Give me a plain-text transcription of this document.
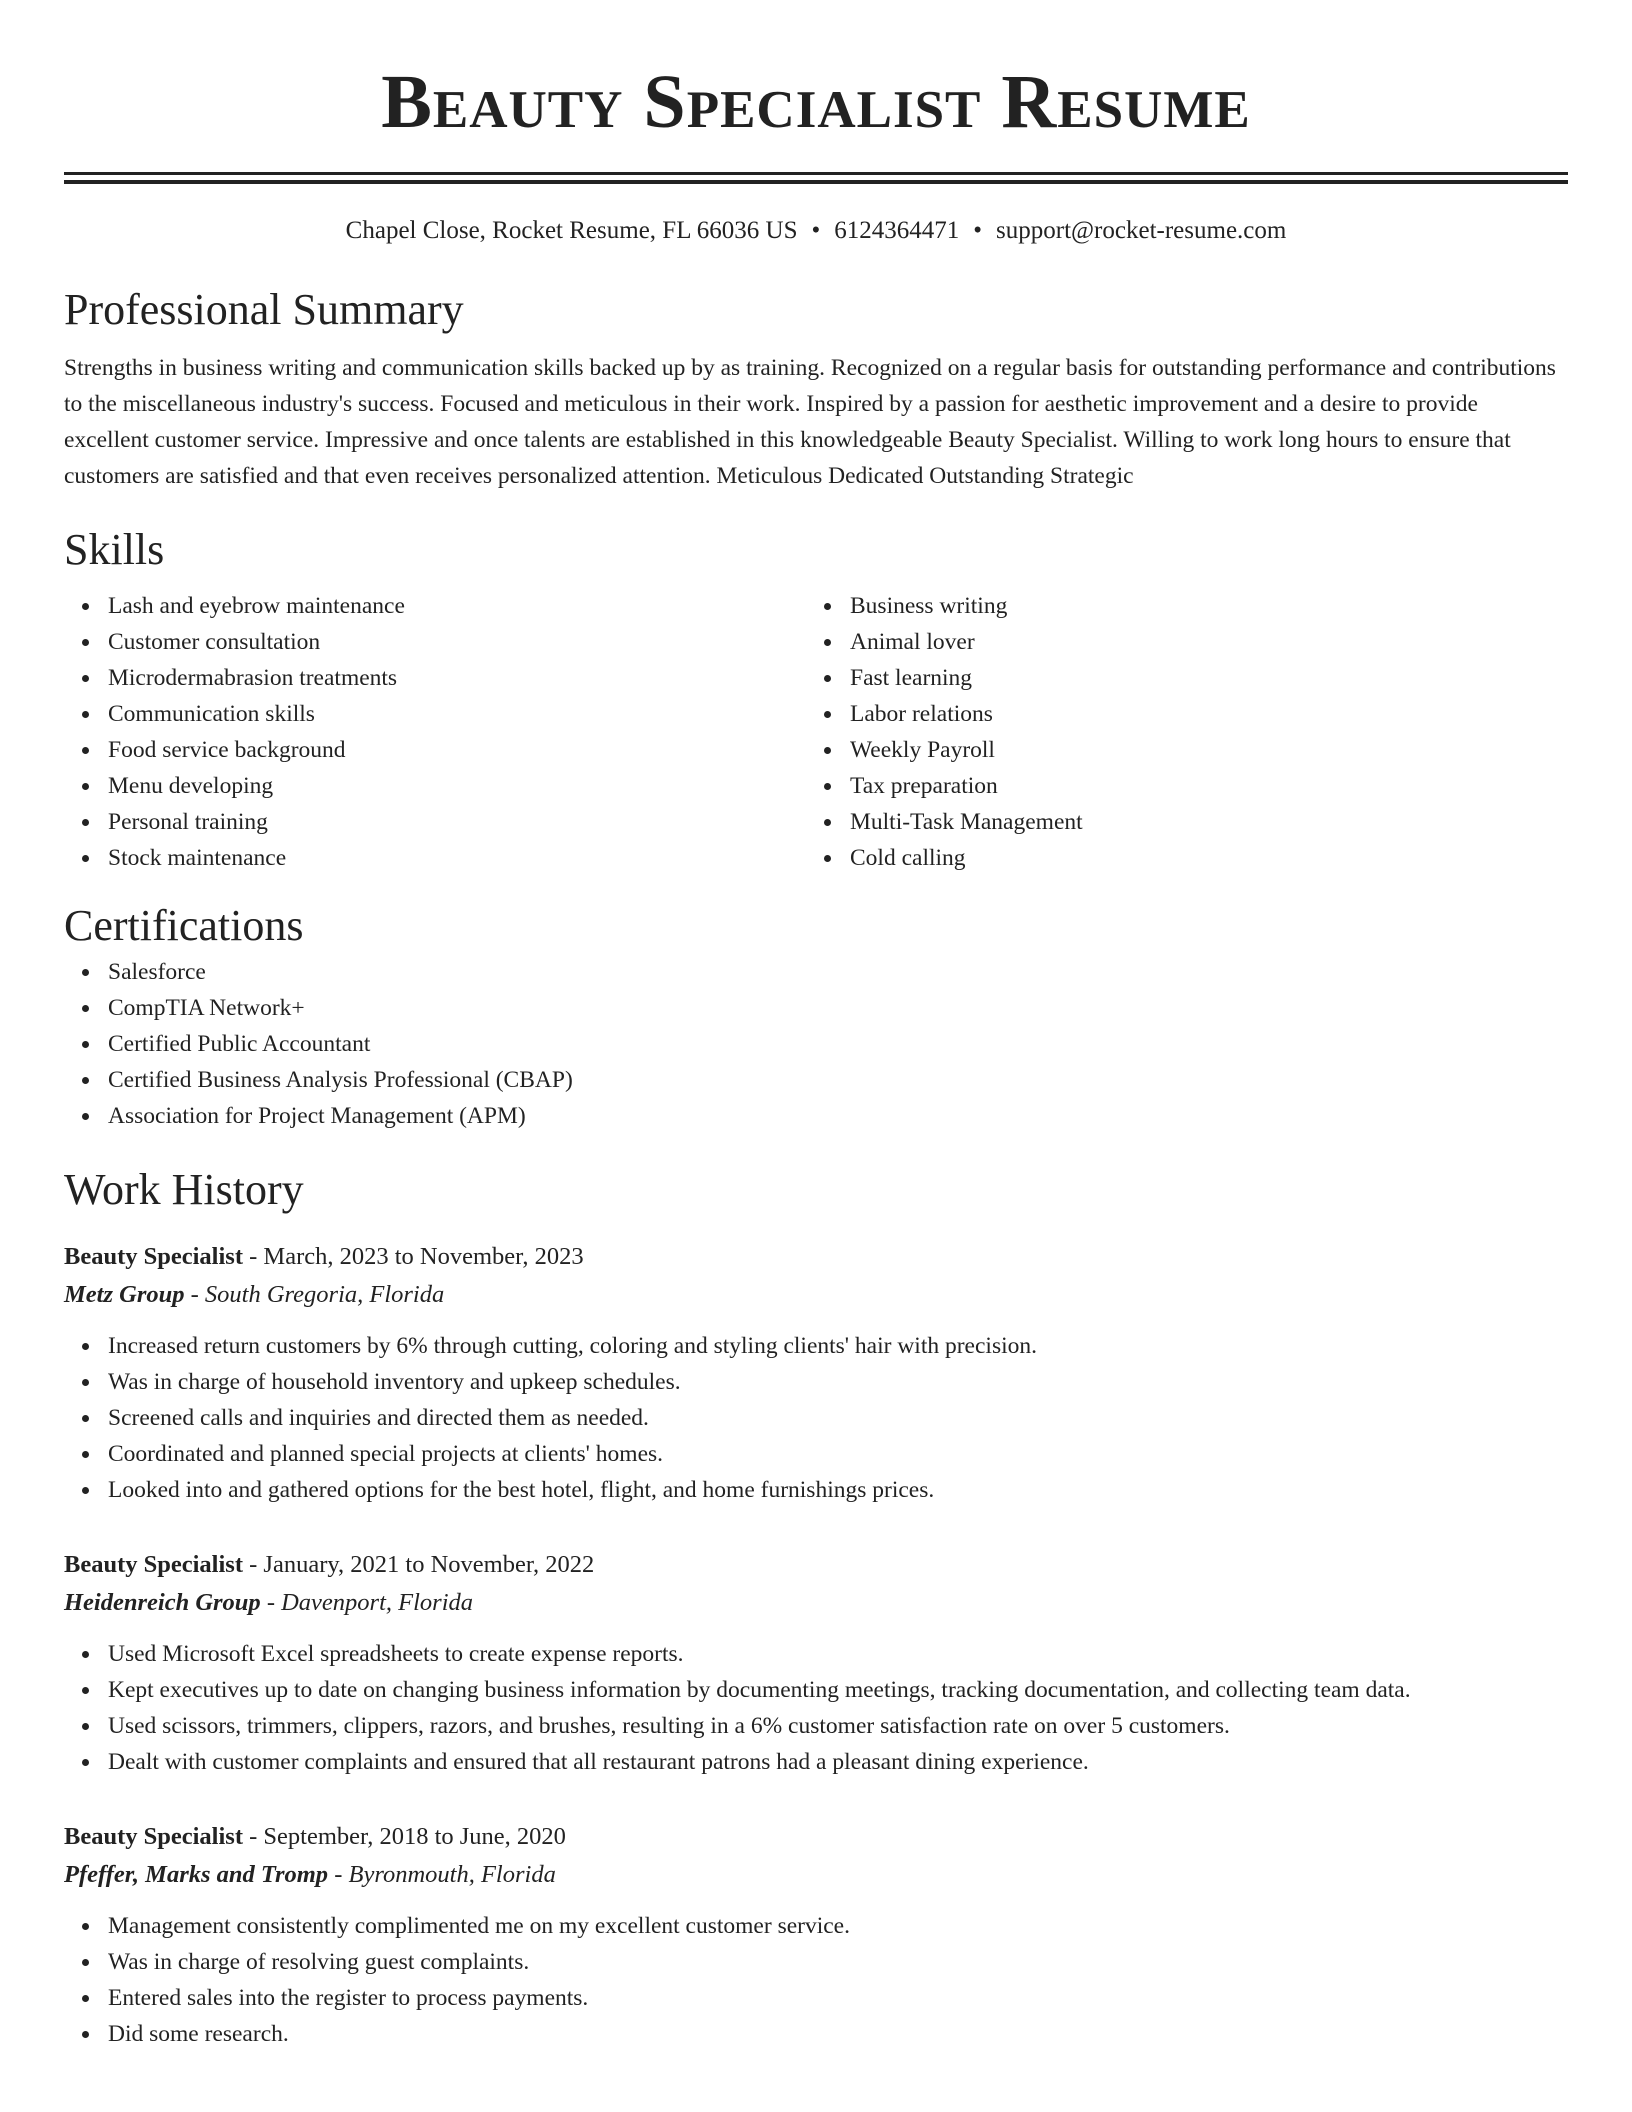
Beauty Specialist Resume
Chapel Close, Rocket Resume, FL 66036 US • 6124364471 • support@rocket-resume.com
Professional Summary

Strengths in business writing and communication skills backed up by as training. Recognized on a regular basis for outstanding performance and contributions to the miscellaneous industry's success. Focused and meticulous in their work. Inspired by a passion for aesthetic improvement and a desire to provide excellent customer service. Impressive and once talents are established in this knowledgeable Beauty Specialist. Willing to work long hours to ensure that customers are satisfied and that even receives personalized attention. Meticulous Dedicated Outstanding Strategic

Skills
Lash and eyebrow maintenance
Customer consultation
Microdermabrasion treatments
Communication skills
Food service background
Menu developing
Personal training
Stock maintenance
Business writing
Animal lover
Fast learning
Labor relations
Weekly Payroll
Tax preparation
Multi-Task Management
Cold calling
Certifications
Salesforce
CompTIA Network+
Certified Public Accountant
Certified Business Analysis Professional (CBAP)
Association for Project Management (APM)
Work History
Beauty Specialist - March, 2023 to November, 2023
Metz Group - South Gregoria, Florida
Increased return customers by 6% through cutting, coloring and styling clients' hair with precision.
Was in charge of household inventory and upkeep schedules.
Screened calls and inquiries and directed them as needed.
Coordinated and planned special projects at clients' homes.
Looked into and gathered options for the best hotel, flight, and home furnishings prices.
Beauty Specialist - January, 2021 to November, 2022
Heidenreich Group - Davenport, Florida
Used Microsoft Excel spreadsheets to create expense reports.
Kept executives up to date on changing business information by documenting meetings, tracking documentation, and collecting team data.
Used scissors, trimmers, clippers, razors, and brushes, resulting in a 6% customer satisfaction rate on over 5 customers.
Dealt with customer complaints and ensured that all restaurant patrons had a pleasant dining experience.
Beauty Specialist - September, 2018 to June, 2020
Pfeffer, Marks and Tromp - Byronmouth, Florida
Management consistently complimented me on my excellent customer service.
Was in charge of resolving guest complaints.
Entered sales into the register to process payments.
Did some research.
